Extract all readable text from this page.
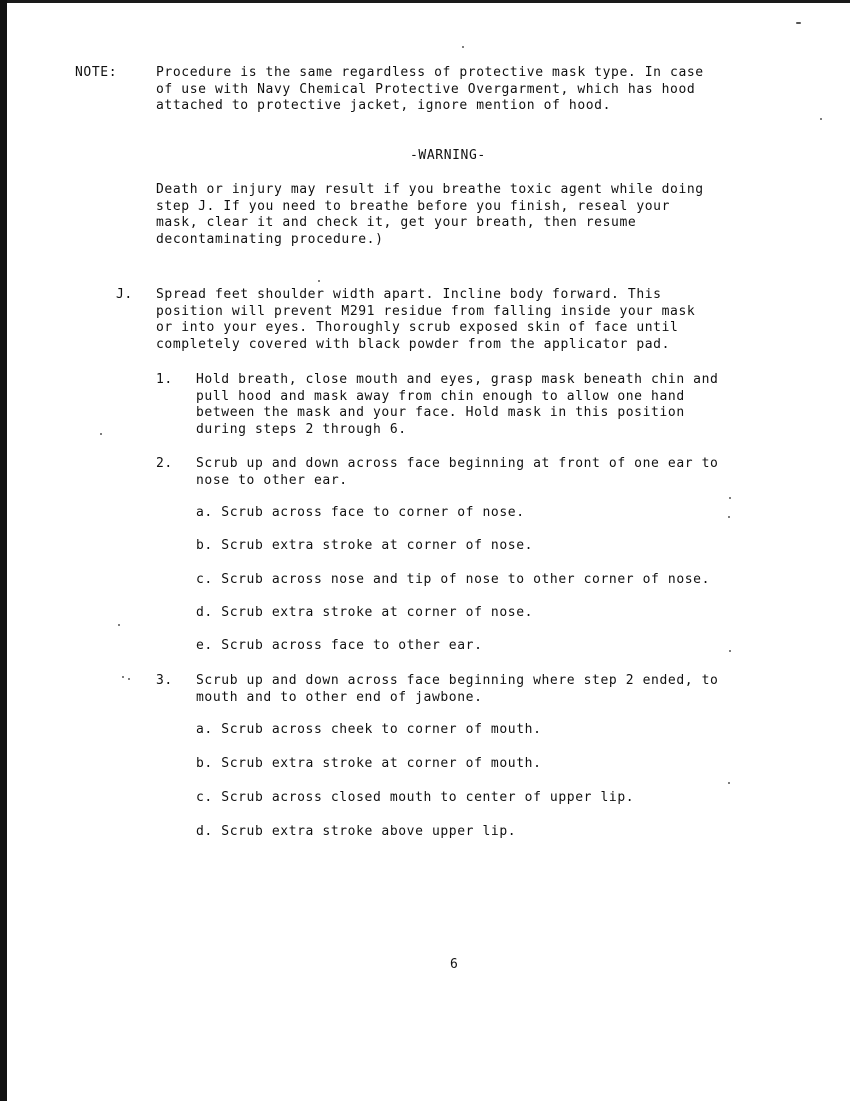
NOTE:	Procedure is the same regardless of protective mask type. In case
of use with Navy Chemical Protective Overgarment, which has hood
attached to protective jacket, ignore mention of hood.
-WARNING-
Death or injury may result if you breathe toxic agent while doing
step J. If you need to breathe before you finish, reseal your
mask, clear it and check it, get your breath, then resume
decontaminating procedure.)
J. Spread feet shoulder width apart. Incline body forward. This
position will prevent M291 residue from falling inside your mask
or into your eyes. Thoroughly scrub exposed skin of face until
completely covered with black powder from the applicator pad.
1. Hold breath, close mouth and eyes, grasp mask beneath chin and
pull hood and mask away from chin enough to allow one hand
between the mask and your face. Hold mask in this position
during steps 2 through 6.
2. Scrub up and down across face beginning at front of one ear to
nose to other ear.
a. Scrub across face to corner of nose.
b. Scrub extra stroke at corner of nose.
c. Scrub across nose and tip of nose to other corner of nose.
d. Scrub extra stroke at corner of nose.
e. Scrub across face to other ear.
3. Scrub up and down across face beginning where step 2 ended, to
mouth and to other end of jawbone.
a. Scrub across cheek to corner of mouth.
b. Scrub extra stroke at corner of mouth.
c. Scrub across closed mouth to center of upper lip.
d. Scrub extra stroke above upper lip.
6
